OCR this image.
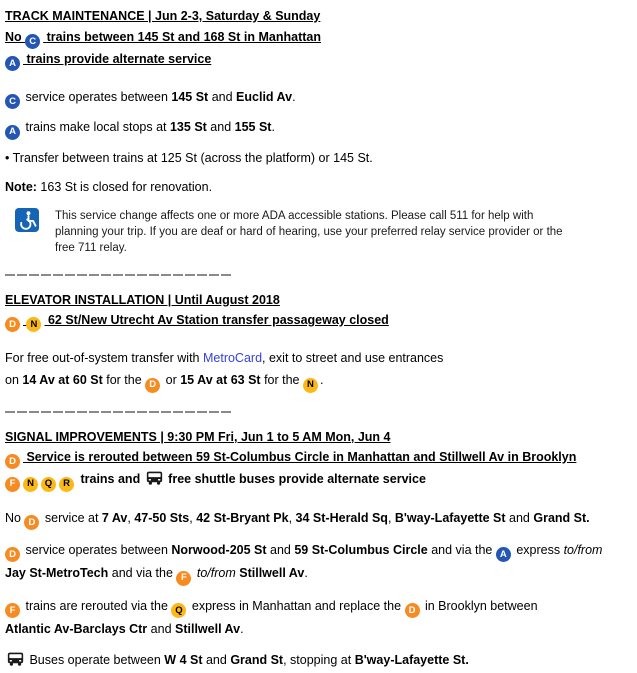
TRACK MAINTENANCE | Jun 2-3, Saturday & Sunday
No C trains between 145 St and 168 St in Manhattan
A trains provide alternate service
C service operates between 145 St and Euclid Av.
A trains make local stops at 135 St and 155 St.
• Transfer between trains at 125 St (across the platform) or 145 St.
Note: 163 St is closed for renovation.

This service change affects one or more ADA accessible stations. Please call 511 for help with planning your trip. If you are deaf or hard of hearing, use your preferred relay service provider or the free 711 relay.

ELEVATOR INSTALLATION | Until August 2018
D N 62 St/New Utrecht Av Station transfer passageway closed
For free out-of-system transfer with MetroCard, exit to street and use entrances
on 14 Av at 60 St for the D or 15 Av at 63 St for the N .
SIGNAL IMPROVEMENTS | 9:30 PM Fri, Jun 1 to 5 AM Mon, Jun 4
D Service is rerouted between 59 St-Columbus Circle in Manhattan and Stillwell Av in Brooklyn
F N Q R trains and  free shuttle buses provide alternate service
No D service at 7 Av, 47-50 Sts, 42 St-Bryant Pk, 34 St-Herald Sq, B'way-Lafayette St and Grand St.
D service operates between Norwood-205 St and 59 St-Columbus Circle and via the A express to/from
Jay St-MetroTech and via the F to/from Stillwell Av.
F trains are rerouted via the Q express in Manhattan and replace the D in Brooklyn between
Atlantic Av-Barclays Ctr and Stillwell Av.
Buses operate between W 4 St and Grand St, stopping at B'way-Lafayette St.
